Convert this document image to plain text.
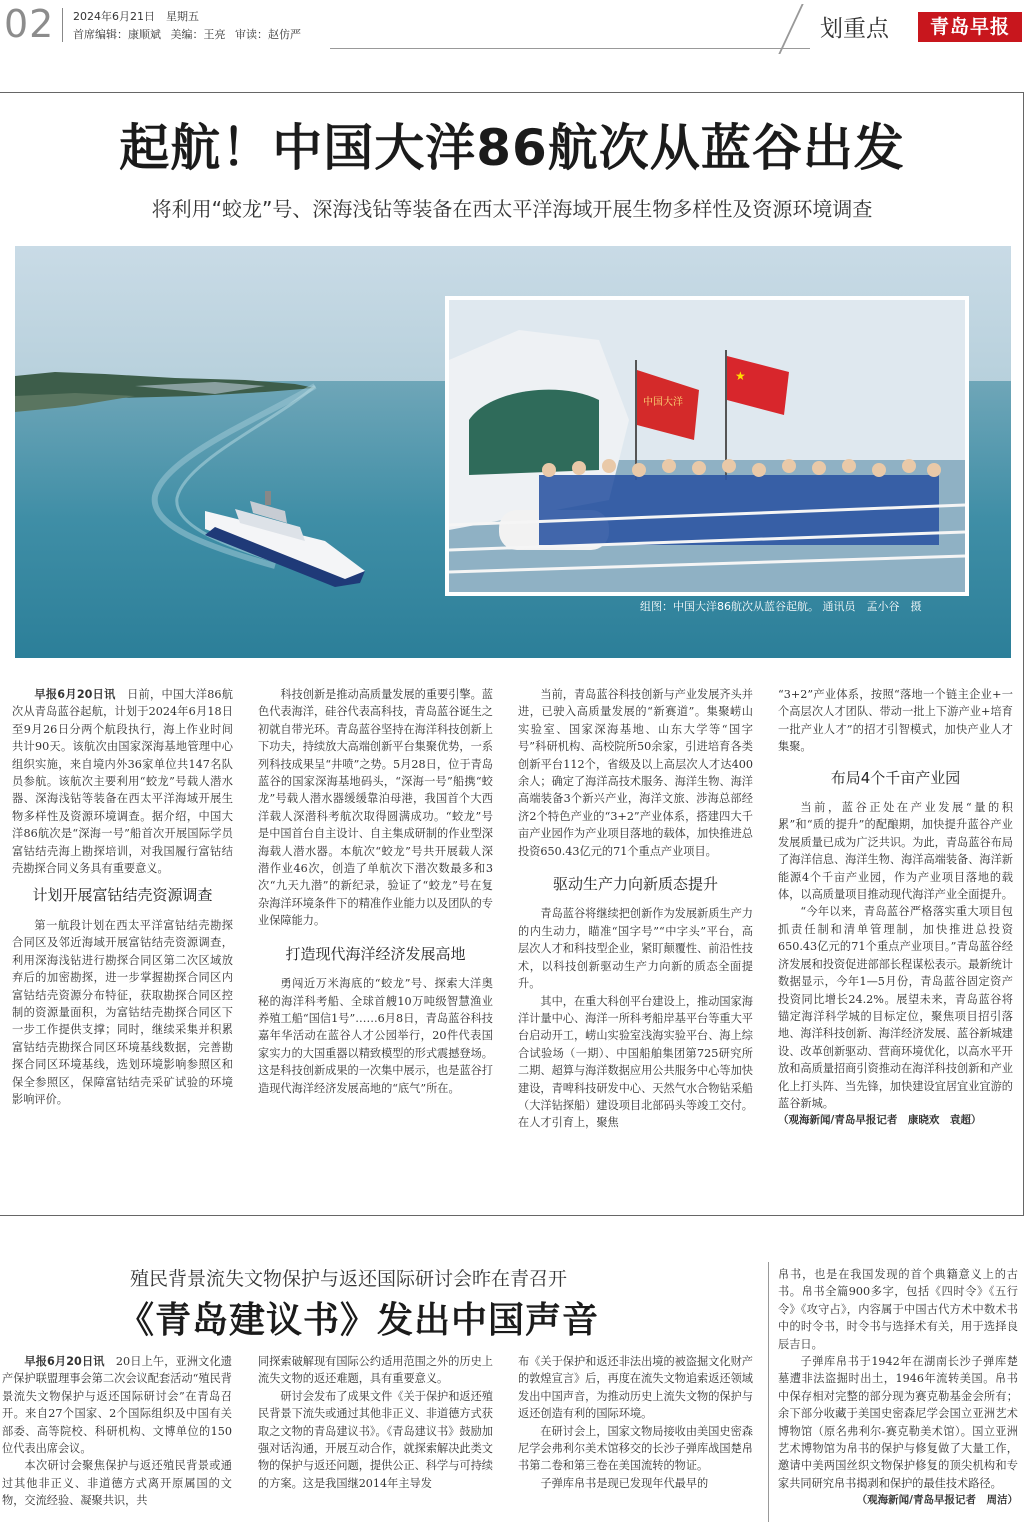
02 2024年6月21日　星期五
首席编辑：康顺斌 美编：王亮 审读：赵仿严	划重点	青岛早报
起航！中国大洋86航次从蓝谷出发
将利用“蛟龙”号、深海浅钻等装备在西太平洋海域开展生物多样性及资源环境调查
中国大洋
★
组图：中国大洋86航次从蓝谷起航。 通讯员　孟小谷　摄

早报6月20日讯　 日前，中国大洋86航次从青岛蓝谷起航，计划于2024年6月18日至9月26日分两个航段执行，海上作业时间共计90天。该航次由国家深海基地管理中心组织实施，来自境内外36家单位共147名队员参航。该航次主要利用“蛟龙”号载人潜水器、深海浅钻等装备在西太平洋海域开展生物多样性及资源环境调查。据介绍，中国大洋86航次是“深海一号”船首次开展国际学员富钴结壳海上勘探培训，对我国履行富钴结壳勘探合同义务具有重要意义。

计划开展富钴结壳资源调查

第一航段计划在西太平洋富钴结壳勘探合同区及邻近海域开展富钴结壳资源调查，利用深海浅钻进行勘探合同区第二次区域放弃后的加密勘探，进一步掌握勘探合同区内富钴结壳资源分布特征，获取勘探合同区控制的资源量面积，为富钴结壳勘探合同区下一步工作提供支撑；同时，继续采集并积累富钴结壳勘探合同区环境基线数据，完善勘探合同区环境基线，选划环境影响参照区和保全参照区，保障富钴结壳采矿试验的环境影响评价。

科技创新是推动高质量发展的重要引擎。蓝色代表海洋，硅谷代表高科技，青岛蓝谷诞生之初就自带光环。青岛蓝谷坚持在海洋科技创新上下功夫，持续放大高端创新平台集聚优势，一系列科技成果呈“井喷”之势。5月28日，位于青岛蓝谷的国家深海基地码头，“深海一号”船携“蛟龙”号载人潜水器缓缓靠泊母港，我国首个大西洋载人深潜科考航次取得圆满成功。“蛟龙”号是中国首台自主设计、自主集成研制的作业型深海载人潜水器。本航次“蛟龙”号共开展载人深潜作业46次，创造了单航次下潜次数最多和3次“九天九潜”的新纪录，验证了“蛟龙”号在复杂海洋环境条件下的精准作业能力以及团队的专业保障能力。

打造现代海洋经济发展高地

勇闯近万米海底的“蛟龙”号、探索大洋奥秘的海洋科考船、全球首艘10万吨级智慧渔业养殖工船“国信1号”……6月8日，青岛蓝谷科技嘉年华活动在蓝谷人才公园举行，20件代表国家实力的大国重器以精致模型的形式震撼登场。这是科技创新成果的一次集中展示，也是蓝谷打造现代海洋经济发展高地的“底气”所在。

当前，青岛蓝谷科技创新与产业发展齐头并进，已驶入高质量发展的“新赛道”。集聚崂山实验室、国家深海基地、山东大学等“国字号”科研机构、高校院所50余家，引进培育各类创新平台112个，省级及以上高层次人才达400余人；确定了海洋高技术服务、海洋生物、海洋高端装备3个新兴产业，海洋文旅、涉海总部经济2个特色产业的“3+2”产业体系，搭建四大千亩产业园作为产业项目落地的载体，加快推进总投资650.43亿元的71个重点产业项目。

驱动生产力向新质态提升

青岛蓝谷将继续把创新作为发展新质生产力的内生动力，瞄准“国字号”“中字头”平台，高层次人才和科技型企业，紧盯颠覆性、前沿性技术，以科技创新驱动生产力向新的质态全面提升。

其中，在重大科创平台建设上，推动国家海洋计量中心、海洋一所科考船岸基平台等重大平台启动开工，崂山实验室浅海实验平台、海上综合试验场（一期）、中国船舶集团第725研究所二期、超算与海洋数据应用公共服务中心等加快建设，青啤科技研发中心、天然气水合物钻采船（大洋钻探船）建设项目北部码头等竣工交付。在人才引育上，聚焦

“3+2”产业体系，按照“落地一个链主企业+一个高层次人才团队、带动一批上下游产业+培育一批产业人才”的招才引智模式，加快产业人才集聚。

布局4个千亩产业园

当前，蓝谷正处在产业发展“量的积累”和“质的提升”的配酿期，加快提升蓝谷产业发展质量已成为广泛共识。为此，青岛蓝谷布局了海洋信息、海洋生物、海洋高端装备、海洋新能源4个千亩产业园，作为产业项目落地的载体，以高质量项目推动现代海洋产业全面提升。

“今年以来，青岛蓝谷严格落实重大项目包抓责任制和清单管理制，加快推进总投资650.43亿元的71个重点产业项目。”青岛蓝谷经济发展和投资促进部部长程谋松表示。最新统计数据显示，今年1—5月份，青岛蓝谷固定资产投资同比增长24.2%。展望未来，青岛蓝谷将锚定海洋科学城的目标定位，聚焦项目招引落地、海洋科技创新、海洋经济发展、蓝谷新城建设、改革创新驱动、营商环境优化，以高水平开放和高质量招商引资推动在海洋科技创新和产业化上打头阵、当先锋，加快建设宜居宜业宜游的蓝谷新城。

（观海新闻/青岛早报记者　康晓欢　袁超）

殖民背景流失文物保护与返还国际研讨会昨在青召开
《青岛建议书》发出中国声音

早报6月20日讯　 20日上午，亚洲文化遗产保护联盟理事会第二次会议配套活动“殖民背景流失文物保护与返还国际研讨会”在青岛召开。来自27个国家、2个国际组织及中国有关部委、高等院校、科研机构、文博单位的150位代表出席会议。

本次研讨会聚焦保护与返还殖民背景或通过其他非正义、非道德方式离开原属国的文物，交流经验、凝聚共识，共

同探索破解现有国际公约适用范围之外的历史上流失文物的返还难题，具有重要意义。

研讨会发布了成果文件《关于保护和返还殖民背景下流失或通过其他非正义、非道德方式获取之文物的青岛建议书》。《青岛建议书》鼓励加强对话沟通，开展互动合作，就探索解决此类文物的保护与返还问题，提供公正、科学与可持续的方案。这是我国继2014年主导发

布《关于保护和返还非法出境的被盗掘文化财产的敦煌宣言》后，再度在流失文物追索返还领域发出中国声音，为推动历史上流失文物的保护与返还创造有利的国际环境。

在研讨会上，国家文物局接收由美国史密森尼学会弗利尔美术馆移交的长沙子弹库战国楚帛书第二卷和第三卷在美国流转的物证。

子弹库帛书是现已发现年代最早的

帛书，也是在我国发现的首个典籍意义上的古书。帛书全篇900多字，包括《四时令》《五行令》《攻守占》，内容属于中国古代方术中数术书中的时令书，时令书与选择术有关，用于选择良辰吉日。

子弹库帛书于1942年在湖南长沙子弹库楚墓遭非法盗掘时出土，1946年流转美国。帛书中保存相对完整的部分现为赛克勒基金会所有；余下部分收藏于美国史密森尼学会国立亚洲艺术博物馆（原名弗利尔-赛克勒美术馆）。国立亚洲艺术博物馆为帛书的保护与修复做了大量工作，邀请中美两国丝织文物保护修复的顶尖机构和专家共同研究帛书揭剥和保护的最佳技术路径。

（观海新闻/青岛早报记者　周洁）
